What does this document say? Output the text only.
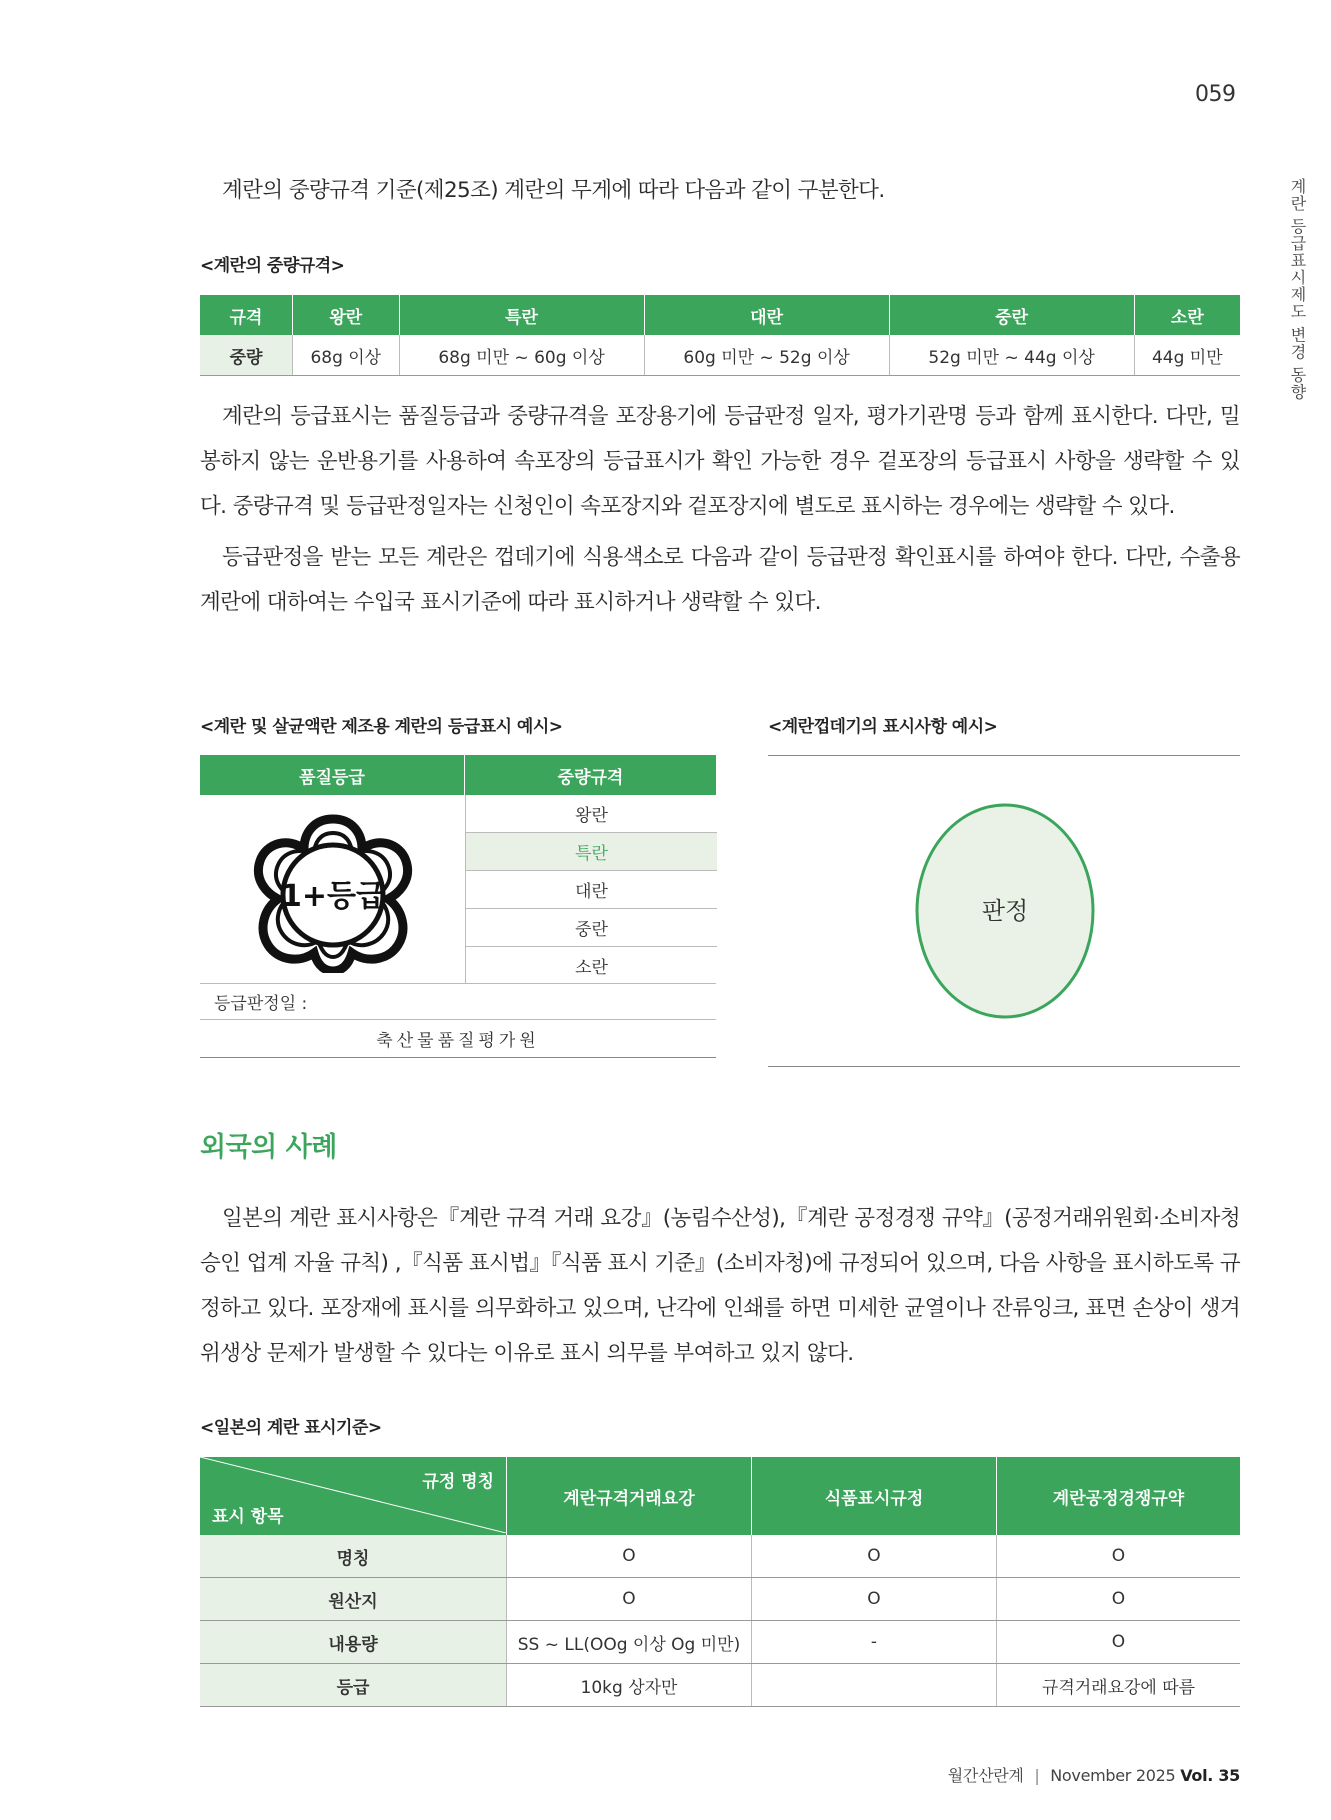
059
계란 등급표시제도 변경 동향

계란의 중량규격 기준(제25조) 계란의 무게에 따라 다음과 같이 구분한다.

<계란의 중량규격>
규격	왕란	특란	대란	중란	소란
중량	68g 이상	68g 미만 ~ 60g 이상	60g 미만 ~ 52g 이상	52g 미만 ~ 44g 이상	44g 미만

계란의 등급표시는 품질등급과 중량규격을 포장용기에 등급판정 일자, 평가기관명 등과 함께 표시한다. 다만, 밀봉하지 않는 운반용기를 사용하여 속포장의 등급표시가 확인 가능한 경우 겉포장의 등급표시 사항을 생략할 수 있다. 중량규격 및 등급판정일자는 신청인이 속포장지와 겉포장지에 별도로 표시하는 경우에는 생략할 수 있다.

등급판정을 받는 모든 계란은 껍데기에 식용색소로 다음과 같이 등급판정 확인표시를 하여야 한다. 다만, 수출용 계란에 대하여는 수입국 표시기준에 따라 표시하거나 생략할 수 있다.

<계란 및 살균액란 제조용 계란의 등급표시 예시>
품질등급	중량규격
1+등급
왕란
특란
대란
중란
소란
등급판정일 :
축산물품질평가원
<계란껍데기의 표시사항 예시>
판정
외국의 사례

일본의 계란 표시사항은『계란 규격 거래 요강』(농림수산성),『계란 공정경쟁 규약』(공정거래위원회·소비자청 승인 업계 자율 규칙) ,『식품 표시법』『식품 표시 기준』(소비자청)에 규정되어 있으며, 다음 사항을 표시하도록 규정하고 있다. 포장재에 표시를 의무화하고 있으며, 난각에 인쇄를 하면 미세한 균열이나 잔류잉크, 표면 손상이 생겨 위생상 문제가 발생할 수 있다는 이유로 표시 의무를 부여하고 있지 않다.

<일본의 계란 표시기준>
규정 명칭
표시 항목	계란규격거래요강	식품표시규정	계란공정경쟁규약
명칭	O	O	O
원산지	O	O	O
내용량	SS ~ LL(OOg 이상 Og 미만)	-	O
등급	10kg 상자만		규격거래요강에 따름
월간산란계 | November 2025 Vol. 35
